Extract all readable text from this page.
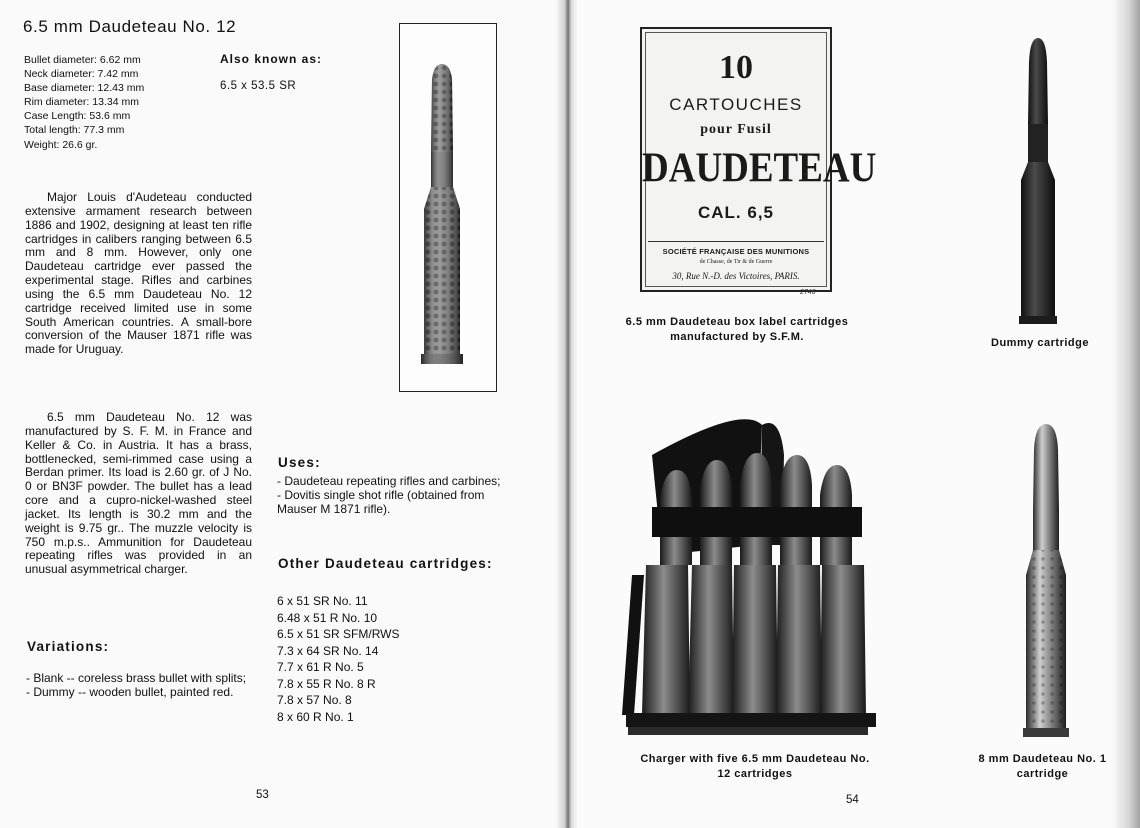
6.5 mm Daudeteau No. 12
Bullet diameter: 6.62 mm
Neck diameter: 7.42 mm
Base diameter: 12.43 mm
Rim diameter: 13.34 mm
Case Length: 53.6 mm
Total length: 77.3 mm
Weight: 26.6 gr.
Also known as:
6.5 x 53.5 SR
Major Louis d'Audeteau conducted extensive armament research between 1886 and 1902, designing at least ten rifle cartridges in calibers ranging between 6.5 mm and 8 mm. However, only one Daudeteau cartridge ever passed the experimental stage. Rifles and carbines using the 6.5 mm Daudeteau No. 12 cartridge received limited use in some South American countries. A small-bore conversion of the Mauser 1871 rifle was made for Uruguay.
6.5 mm Daudeteau No. 12 was manufactured by S. F. M. in France and Keller & Co. in Austria. It has a brass, bottlenecked, semi-rimmed case using a Berdan primer. Its load is 2.60 gr. of J No. 0 or BN3F powder. The bullet has a lead core and a cupro-nickel-washed steel jacket. Its length is 30.2 mm and the weight is 9.75 gr.. The muzzle velocity is 750 m.p.s.. Ammunition for Daudeteau repeating rifles was provided in an unusual asymmetrical charger.
Variations:
- Blank -- coreless brass bullet with splits;
- Dummy -- wooden bullet, painted red.
Uses:
- Daudeteau repeating rifles and carbines;
- Dovitis single shot rifle (obtained from Mauser M 1871 rifle).
Other Daudeteau cartridges:
6 x 51 SR No. 11
6.48 x 51 R No. 10
6.5 x 51 SR SFM/RWS
7.3 x 64 SR No. 14
7.7 x 61 R No. 5
7.8 x 55 R No. 8 R
7.8 x 57 No. 8
8 x 60 R No. 1
53
10
CARTOUCHES
pour Fusil
DAUDETEAU
CAL. 6,5
SOCIÉTÉ FRANÇAISE DES MUNITIONS
de Chasse, de Tir & de Guerre
30, Rue N.-D. des Victoires, PARIS.
2746
6.5 mm Daudeteau box label cartridges manufactured by S.F.M.
Dummy cartridge
Charger with five 6.5 mm Daudeteau No. 12 cartridges
8 mm Daudeteau No. 1 cartridge
54
